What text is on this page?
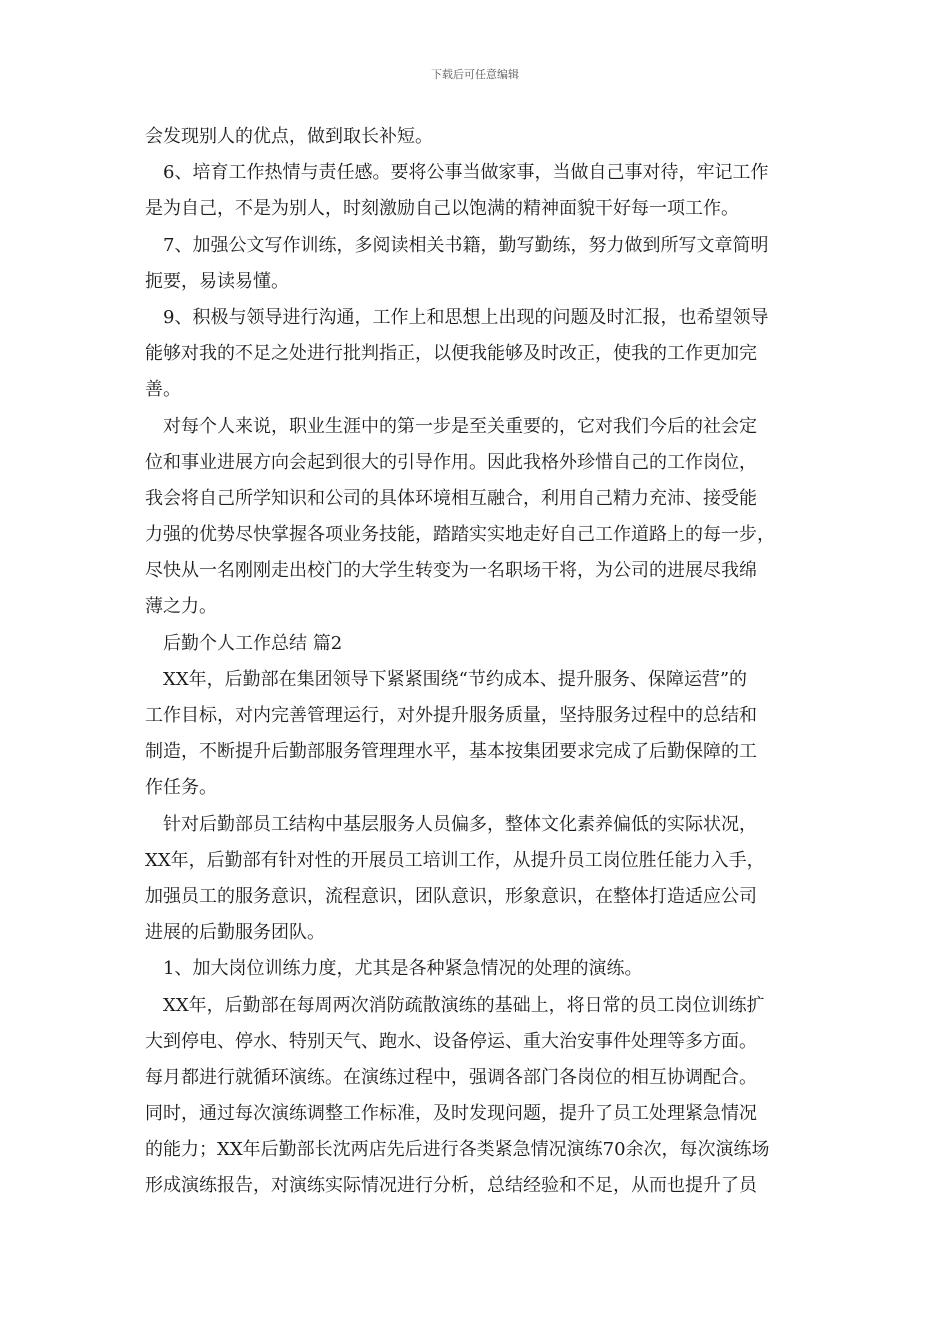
下载后可任意编辑
会发现别人的优点，做到取长补短。
6、培育工作热情与责任感。要将公事当做家事，当做自己事对待，牢记工作
是为自己，不是为别人，时刻激励自己以饱满的精神面貌干好每一项工作。
7、加强公文写作训练，多阅读相关书籍，勤写勤练，努力做到所写文章简明
扼要，易读易懂。
9、积极与领导进行沟通，工作上和思想上出现的问题及时汇报，也希望领导
能够对我的不足之处进行批判指正，以便我能够及时改正，使我的工作更加完
善。
对每个人来说，职业生涯中的第一步是至关重要的，它对我们今后的社会定
位和事业进展方向会起到很大的引导作用。因此我格外珍惜自己的工作岗位，
我会将自己所学知识和公司的具体环境相互融合，利用自己精力充沛、接受能
力强的优势尽快掌握各项业务技能，踏踏实实地走好自己工作道路上的每一步，
尽快从一名刚刚走出校门的大学生转变为一名职场干将，为公司的进展尽我绵
薄之力。
后勤个人工作总结 篇2
XX年，后勤部在集团领导下紧紧围绕“节约成本、提升服务、保障运营”的
工作目标，对内完善管理运行，对外提升服务质量，坚持服务过程中的总结和
制造，不断提升后勤部服务管理理水平，基本按集团要求完成了后勤保障的工
作任务。
针对后勤部员工结构中基层服务人员偏多，整体文化素养偏低的实际状况，
XX年，后勤部有针对性的开展员工培训工作，从提升员工岗位胜任能力入手，
加强员工的服务意识，流程意识，团队意识，形象意识，在整体打造适应公司
进展的后勤服务团队。
1、加大岗位训练力度，尤其是各种紧急情况的处理的演练。
XX年，后勤部在每周两次消防疏散演练的基础上，将日常的员工岗位训练扩
大到停电、停水、特别天气、跑水、设备停运、重大治安事件处理等多方面。
每月都进行就循环演练。在演练过程中，强调各部门各岗位的相互协调配合。
同时，通过每次演练调整工作标准，及时发现问题，提升了员工处理紧急情况
的能力；XX年后勤部长沈两店先后进行各类紧急情况演练70余次，每次演练场
形成演练报告，对演练实际情况进行分析，总结经验和不足，从而也提升了员
